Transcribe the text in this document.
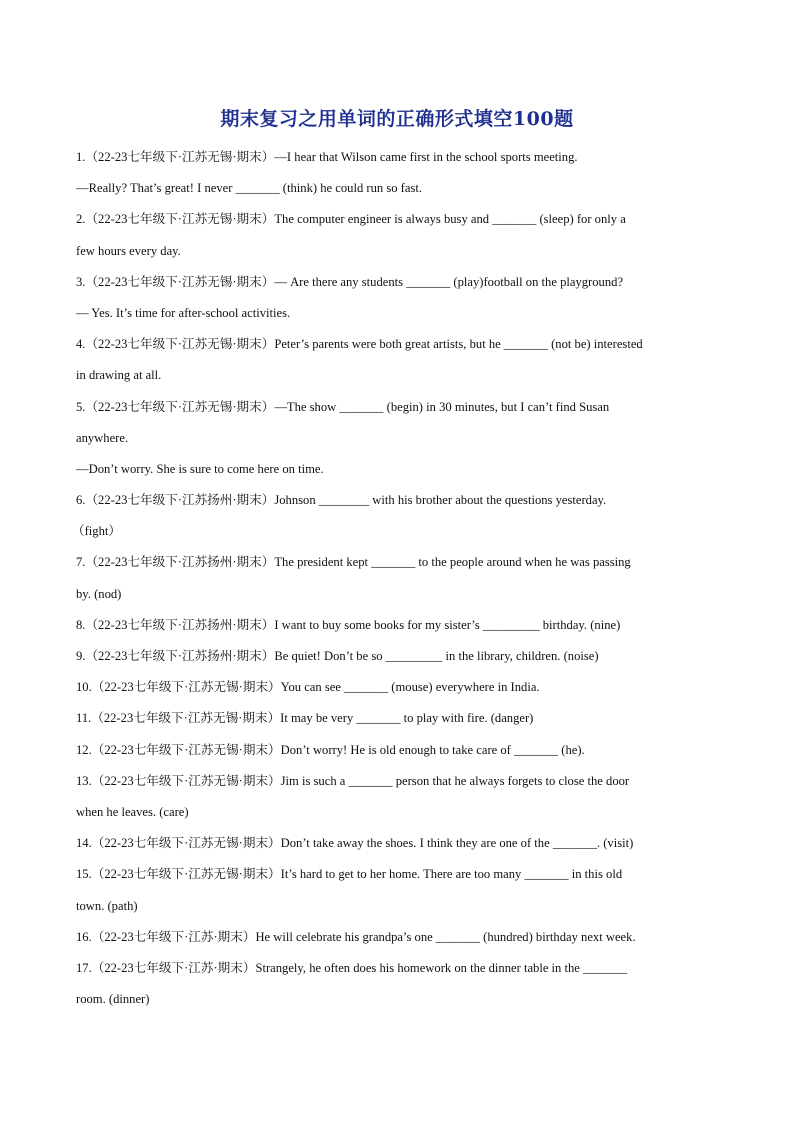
期末复习之用单词的正确形式填空100题
1.（22-23七年级下·江苏无锡·期末）—I hear that Wilson came first in the school sports meeting.
—Really? That’s great! I never _______ (think) he could run so fast.
2.（22-23七年级下·江苏无锡·期末）The computer engineer is always busy and _______ (sleep) for only a
few hours every day.
3.（22-23七年级下·江苏无锡·期末）— Are there any students _______ (play)football on the playground?
— Yes. It’s time for after-school activities.
4.（22-23七年级下·江苏无锡·期末）Peter’s parents were both great artists, but he _______ (not be) interested
in drawing at all.
5.（22-23七年级下·江苏无锡·期末）—The show _______ (begin) in 30 minutes, but I can’t find Susan
anywhere.
—Don’t worry. She is sure to come here on time.
6.（22-23七年级下·江苏扬州·期末）Johnson ________ with his brother about the questions yesterday.
（fight）
7.（22-23七年级下·江苏扬州·期末）The president kept _______ to the people around when he was passing
by. (nod)
8.（22-23七年级下·江苏扬州·期末）I want to buy some books for my sister’s _________ birthday. (nine)
9.（22-23七年级下·江苏扬州·期末）Be quiet! Don’t be so _________ in the library, children. (noise)
10.（22-23七年级下·江苏无锡·期末）You can see _______ (mouse) everywhere in India.
11.（22-23七年级下·江苏无锡·期末）It may be very _______ to play with fire. (danger)
12.（22-23七年级下·江苏无锡·期末）Don’t worry! He is old enough to take care of _______ (he).
13.（22-23七年级下·江苏无锡·期末）Jim is such a _______ person that he always forgets to close the door
when he leaves. (care)
14.（22-23七年级下·江苏无锡·期末）Don’t take away the shoes. I think they are one of the _______. (visit)
15.（22-23七年级下·江苏无锡·期末）It’s hard to get to her home. There are too many _______ in this old
town. (path)
16.（22-23七年级下·江苏·期末）He will celebrate his grandpa’s one _______ (hundred) birthday next week.
17.（22-23七年级下·江苏·期末）Strangely, he often does his homework on the dinner table in the _______
room. (dinner)
